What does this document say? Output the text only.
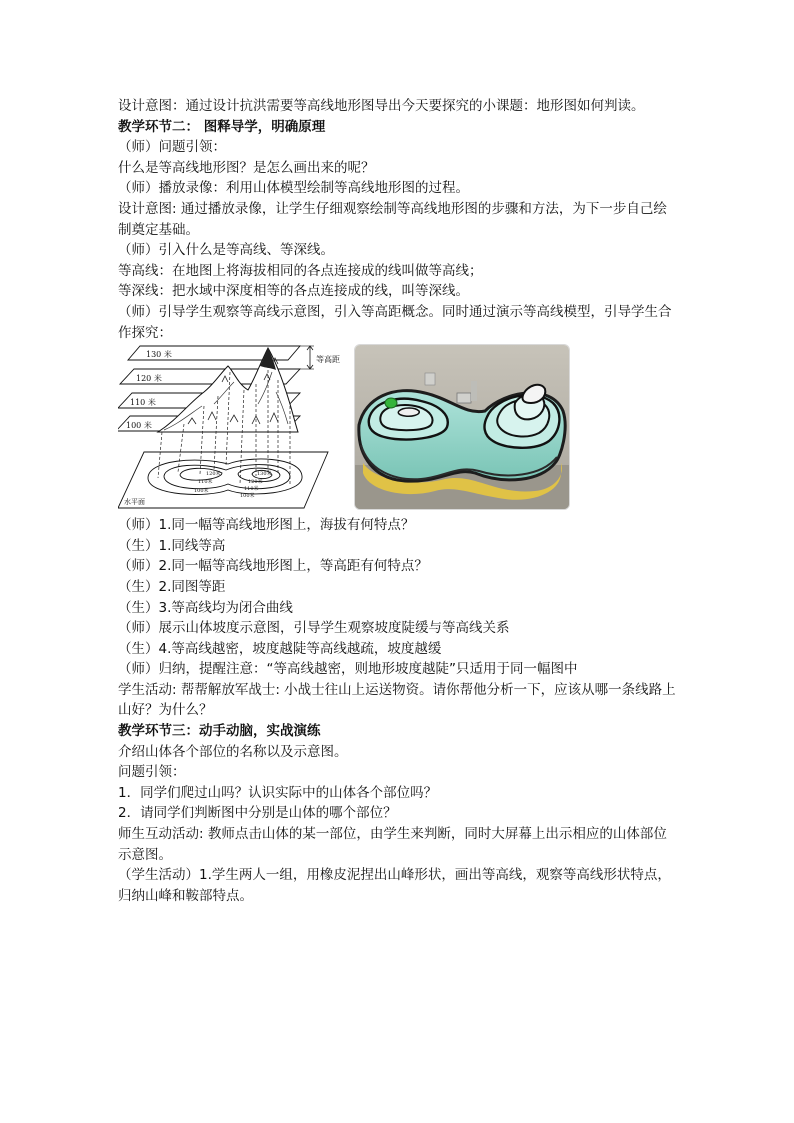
设计意图：通过设计抗洪需要等高线地形图导出今天要探究的小课题：地形图如何判读。
教学环节二： 图释导学，明确原理
（师）问题引领：
什么是等高线地形图？是怎么画出来的呢？
（师）播放录像：利用山体模型绘制等高线地形图的过程。
设计意图: 通过播放录像，让学生仔细观察绘制等高线地形图的步骤和方法，为下一步自己绘制奠定基础。
（师）引入什么是等高线、等深线。
等高线：在地图上将海拔相同的各点连接成的线叫做等高线；
等深线：把水域中深度相等的各点连接成的线，叫等深线。
（师）引导学生观察等高线示意图，引入等高距概念。同时通过演示等高线模型，引导学生合作探究：
130 米
120 米
110 米
100 米
等高距
水平面
120米
110米
100米
130米
120米
110米
100米
（师）1.同一幅等高线地形图上，海拔有何特点？
（生）1.同线等高
（师）2.同一幅等高线地形图上，等高距有何特点？
（生）2.同图等距
（生）3.等高线均为闭合曲线
（师）展示山体坡度示意图，引导学生观察坡度陡缓与等高线关系
（生）4.等高线越密，坡度越陡等高线越疏，坡度越缓
（师）归纳，提醒注意：“等高线越密，则地形坡度越陡”只适用于同一幅图中
学生活动: 帮帮解放军战士: 小战士往山上运送物资。请你帮他分析一下，应该从哪一条线路上山好？为什么？
教学环节三：动手动脑，实战演练
介绍山体各个部位的名称以及示意图。
问题引领：
1．同学们爬过山吗？认识实际中的山体各个部位吗？
2．请同学们判断图中分别是山体的哪个部位？
师生互动活动: 教师点击山体的某一部位，由学生来判断，同时大屏幕上出示相应的山体部位示意图。
（学生活动）1.学生两人一组，用橡皮泥捏出山峰形状，画出等高线，观察等高线形状特点，归纳山峰和鞍部特点。
